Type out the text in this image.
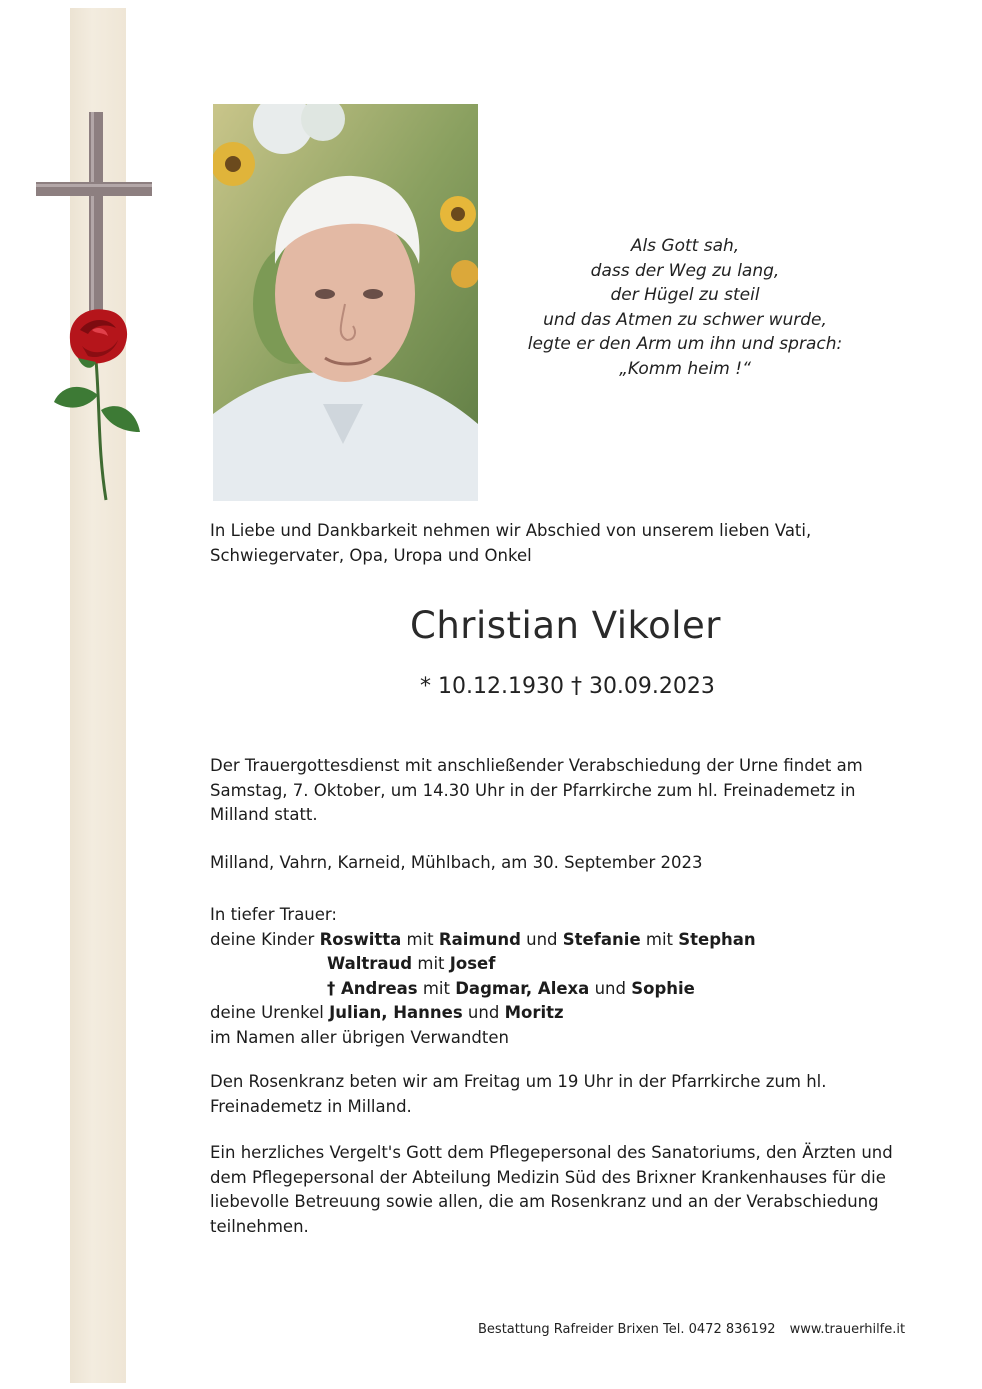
Als Gott sah,
dass der Weg zu lang,
der Hügel zu steil
und das Atmen zu schwer wurde,
legte er den Arm um ihn und sprach:
„Komm heim !“
In Liebe und Dankbarkeit nehmen wir Abschied von unserem lieben Vati,
Schwiegervater, Opa, Uropa und Onkel
Christian Vikoler
* 10.12.1930 † 30.09.2023
Der Trauergottesdienst mit anschließender Verabschiedung der Urne findet am
Samstag, 7. Oktober, um 14.30 Uhr in der Pfarrkirche zum hl. Freinademetz in
Milland statt.
Milland, Vahrn, Karneid, Mühlbach, am 30. September 2023
In tiefer Trauer:
deine Kinder Roswitta mit Raimund und Stefanie mit Stephan
Waltraud mit Josef
† Andreas mit Dagmar, Alexa und Sophie
deine Urenkel Julian, Hannes und Moritz
im Namen aller übrigen Verwandten
Den Rosenkranz beten wir am Freitag um 19 Uhr in der Pfarrkirche zum hl.
Freinademetz in Milland.
Ein herzliches Vergelt's Gott dem Pflegepersonal des Sanatoriums, den Ärzten und
dem Pflegepersonal der Abteilung Medizin Süd des Brixner Krankenhauses für die
liebevolle Betreuung sowie allen, die am Rosenkranz und an der Verabschiedung
teilnehmen.
Bestattung Rafreider Brixen Tel. 0472 836192 www.trauerhilfe.it
